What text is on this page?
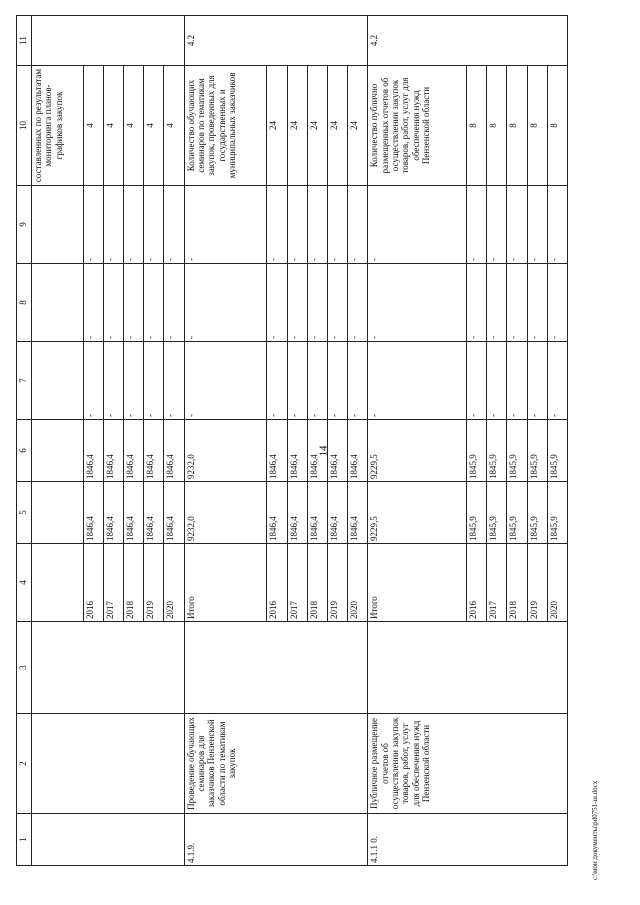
14
1	2	3	4	5	6	7	8	9	10	11
									составленных по результатам мониторинга планов-графиков закупок	
			2016	1846,4	1846,4	-	-	-	4	
			2017	1846,4	1846,4	-	-	-	4	
			2018	1846,4	1846,4	-	-	-	4	
			2019	1846,4	1846,4	-	-	-	4	
			2020	1846,4	1846,4	-	-	-	4	
4.1.9.	Проведение обучающих семинаров для заказчиков Пензенской области по тематикам закупок		Итого	9232,0	9232,0	-	-	-	Количество обучающих семинаров по тематикам закупок, проведенных для государственных и муниципальных заказчиков	4.2
			2016	1846,4	1846,4	-	-	-	24	
			2017	1846,4	1846,4	-	-	-	24	
			2018	1846,4	1846,4	-	-	-	24	
			2019	1846,4	1846,4	-	-	-	24	
			2020	1846,4	1846,4	-	-	-	24	
4.1.1 0.	Публичное размещение отчетов об осуществлении закупок товаров, работ, услуг для обеспечения нужд Пензенской области		Итого	9229,5	9229,5	-	-	-	Количество публично размещенных отчетов об осуществлении закупок товаров, работ, услуг для обеспечения нужд Пензенской области	4.2
			2016	1845,9	1845,9	-	-	-	8	
			2017	1845,9	1845,9	-	-	-	8	
			2018	1845,9	1845,9	-	-	-	8	
			2019	1845,9	1845,9	-	-	-	8	
			2020	1845,9	1845,9	-	-	-	8	
c:\мои документы\pd0751-ш.docx
